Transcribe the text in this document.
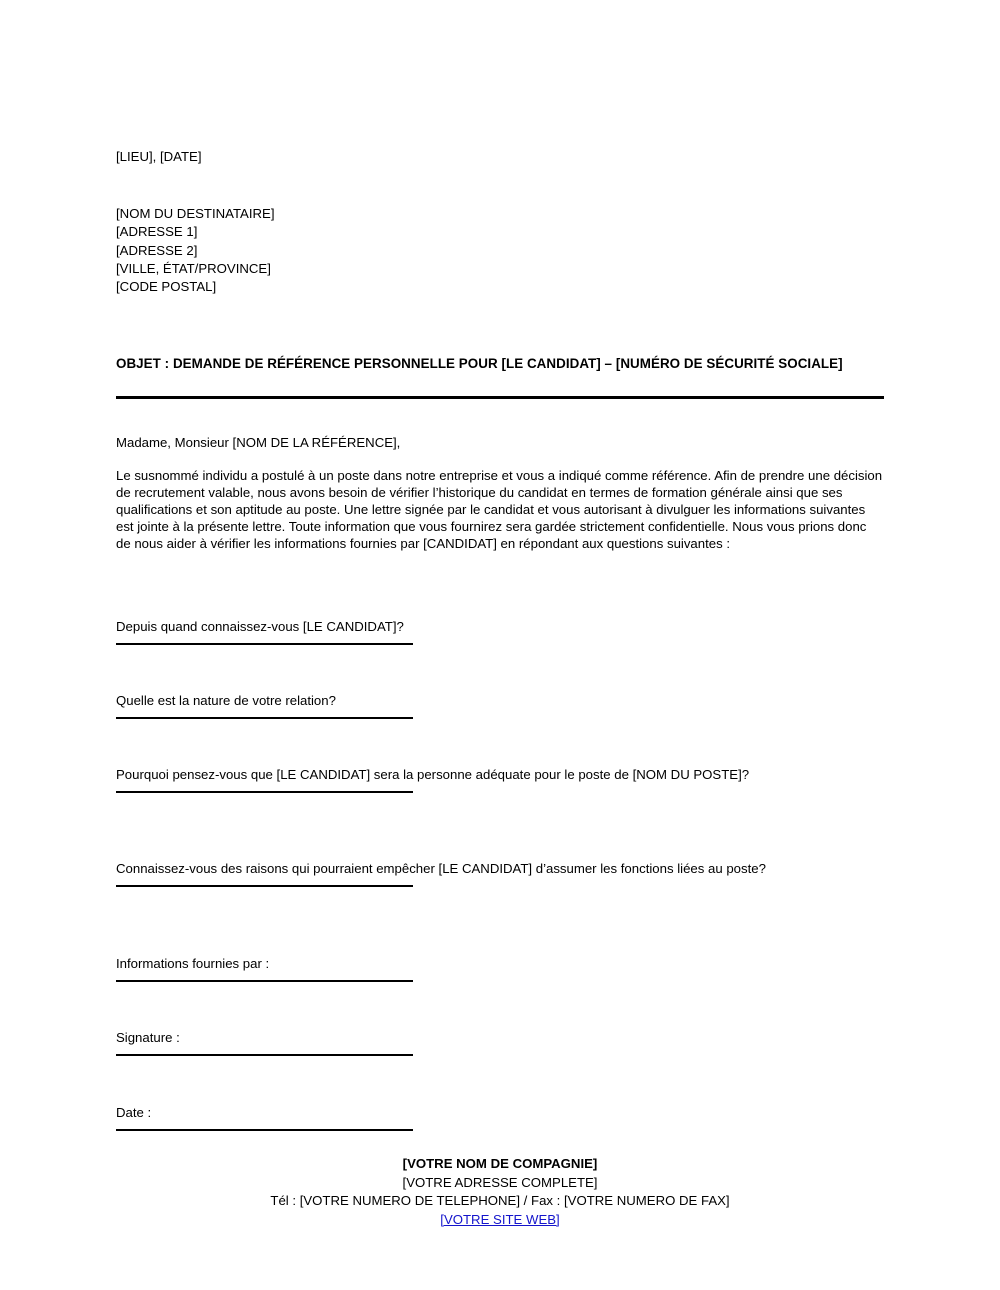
[LIEU], [DATE]
[NOM DU DESTINATAIRE]
[ADRESSE 1]
[ADRESSE 2]
[VILLE, ÉTAT/PROVINCE]
[CODE POSTAL]
OBJET : DEMANDE DE RÉFÉRENCE PERSONNELLE POUR [LE CANDIDAT] – [NUMÉRO DE SÉCURITÉ SOCIALE]
Madame, Monsieur [NOM DE LA RÉFÉRENCE],
Le susnommé individu a postulé à un poste dans notre entreprise et vous a indiqué comme référence. Afin de prendre une décision de recrutement valable, nous avons besoin de vérifier l’historique du candidat en termes de formation générale ainsi que ses qualifications et son aptitude au poste. Une lettre signée par le candidat et vous autorisant à divulguer les informations suivantes est jointe à la présente lettre. Toute information que vous fournirez sera gardée strictement confidentielle. Nous vous prions donc de nous aider à vérifier les informations fournies par [CANDIDAT] en répondant aux questions suivantes :
Depuis quand connaissez-vous [LE CANDIDAT]?
Quelle est la nature de votre relation?
Pourquoi pensez-vous que [LE CANDIDAT] sera la personne adéquate pour le poste de [NOM DU POSTE]?
Connaissez-vous des raisons qui pourraient empêcher [LE CANDIDAT] d’assumer les fonctions liées au poste?
Informations fournies par :
Signature :
Date :
[VOTRE NOM DE COMPAGNIE]
[VOTRE ADRESSE COMPLETE]
Tél : [VOTRE NUMERO DE TELEPHONE] / Fax : [VOTRE NUMERO DE FAX]
[VOTRE SITE WEB]
